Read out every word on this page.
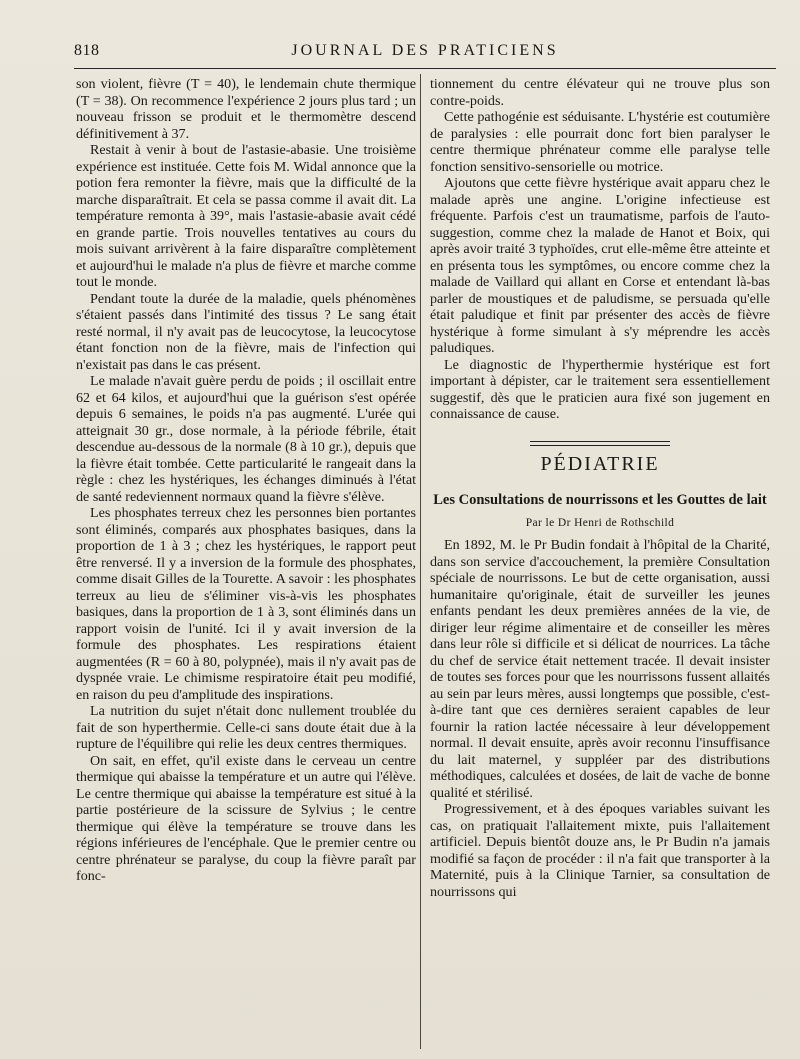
818	JOURNAL DES PRATICIENS

son violent, fièvre (T = 40), le lendemain chute thermique (T = 38). On recommence l'expérience 2 jours plus tard ; un nouveau frisson se produit et le thermomètre descend définitivement à 37.

Restait à venir à bout de l'astasie-abasie. Une troisième expérience est instituée. Cette fois M. Widal annonce que la potion fera remonter la fièvre, mais que la difficulté de la marche disparaîtrait. Et cela se passa comme il avait dit. La température remonta à 39°, mais l'astasie-abasie avait cédé en grande partie. Trois nouvelles tentatives au cours du mois suivant arrivèrent à la faire disparaître complètement et aujourd'hui le malade n'a plus de fièvre et marche comme tout le monde.

Pendant toute la durée de la maladie, quels phénomènes s'étaient passés dans l'intimité des tissus ? Le sang était resté normal, il n'y avait pas de leucocytose, la leucocytose étant fonction non de la fièvre, mais de l'infection qui n'existait pas dans le cas présent.

Le malade n'avait guère perdu de poids ; il oscillait entre 62 et 64 kilos, et aujourd'hui que la guérison s'est opérée depuis 6 semaines, le poids n'a pas augmenté. L'urée qui atteignait 30 gr., dose normale, à la période fébrile, était descendue au-dessous de la normale (8 à 10 gr.), depuis que la fièvre était tombée. Cette particularité le rangeait dans la règle : chez les hystériques, les échanges diminués à l'état de santé redeviennent normaux quand la fièvre s'élève.

Les phosphates terreux chez les personnes bien portantes sont éliminés, comparés aux phosphates basiques, dans la proportion de 1 à 3 ; chez les hystériques, le rapport peut être renversé. Il y a inversion de la formule des phosphates, comme disait Gilles de la Tourette. A savoir : les phosphates terreux au lieu de s'éliminer vis-à-vis les phosphates basiques, dans la proportion de 1 à 3, sont éliminés dans un rapport voisin de l'unité. Ici il y avait inversion de la formule des phosphates. Les respirations étaient augmentées (R = 60 à 80, polypnée), mais il n'y avait pas de dyspnée vraie. Le chimisme respiratoire était peu modifié, en raison du peu d'amplitude des inspirations.

La nutrition du sujet n'était donc nullement troublée du fait de son hyperthermie. Celle-ci sans doute était due à la rupture de l'équilibre qui relie les deux centres thermiques.

On sait, en effet, qu'il existe dans le cerveau un centre thermique qui abaisse la température et un autre qui l'élève. Le centre thermique qui abaisse la température est situé à la partie postérieure de la scissure de Sylvius ; le centre thermique qui élève la température se trouve dans les régions inférieures de l'encéphale. Que le premier centre ou centre phrénateur se paralyse, du coup la fièvre paraît par fonc-

tionnement du centre élévateur qui ne trouve plus son contre-poids.

Cette pathogénie est séduisante. L'hystérie est coutumière de paralysies : elle pourrait donc fort bien paralyser le centre thermique phrénateur comme elle paralyse telle fonction sensitivo-sensorielle ou motrice.

Ajoutons que cette fièvre hystérique avait apparu chez le malade après une angine. L'origine infectieuse est fréquente. Parfois c'est un traumatisme, parfois de l'auto-suggestion, comme chez la malade de Hanot et Boix, qui après avoir traité 3 typhoïdes, crut elle-même être atteinte et en présenta tous les symptômes, ou encore comme chez la malade de Vaillard qui allant en Corse et entendant là-bas parler de moustiques et de paludisme, se persuada qu'elle était paludique et finit par présenter des accès de fièvre hystérique à forme simulant à s'y méprendre les accès paludiques.

Le diagnostic de l'hyperthermie hystérique est fort important à dépister, car le traitement sera essentiellement suggestif, dès que le praticien aura fixé son jugement en connaissance de cause.

PÉDIATRIE
Les Consultations de nourrissons et les Gouttes de lait
Par le Dr Henri de Rothschild

En 1892, M. le Pr Budin fondait à l'hôpital de la Charité, dans son service d'accouchement, la première Consultation spéciale de nourrissons. Le but de cette organisation, aussi humanitaire qu'originale, était de surveiller les jeunes enfants pendant les deux premières années de la vie, de diriger leur régime alimentaire et de conseiller les mères dans leur rôle si difficile et si délicat de nourrices. La tâche du chef de service était nettement tracée. Il devait insister de toutes ses forces pour que les nourrissons fussent allaités au sein par leurs mères, aussi longtemps que possible, c'est-à-dire tant que ces dernières seraient capables de leur fournir la ration lactée nécessaire à leur développement normal. Il devait ensuite, après avoir reconnu l'insuffisance du lait maternel, y suppléer par des distributions méthodiques, calculées et dosées, de lait de vache de bonne qualité et stérilisé.

Progressivement, et à des époques variables suivant les cas, on pratiquait l'allaitement mixte, puis l'allaitement artificiel. Depuis bientôt douze ans, le Pr Budin n'a jamais modifié sa façon de procéder : il n'a fait que transporter à la Maternité, puis à la Clinique Tarnier, sa consultation de nourrissons qui
